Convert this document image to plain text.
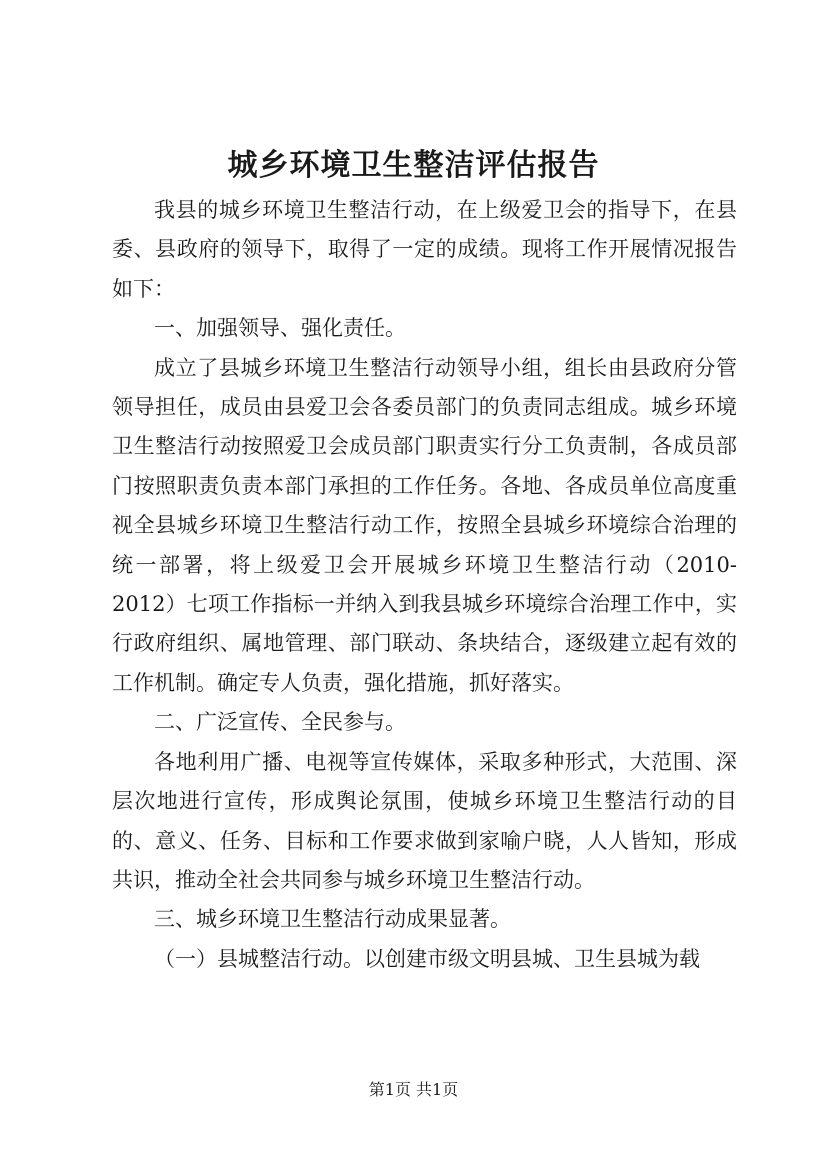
城乡环境卫生整洁评估报告

我县的城乡环境卫生整洁行动，在上级爱卫会的指导下，在县委、县政府的领导下，取得了一定的成绩。现将工作开展情况报告如下：

一、加强领导、强化责任。

成立了县城乡环境卫生整洁行动领导小组，组长由县政府分管领导担任，成员由县爱卫会各委员部门的负责同志组成。城乡环境卫生整洁行动按照爱卫会成员部门职责实行分工负责制，各成员部门按照职责负责本部门承担的工作任务。各地、各成员单位高度重视全县城乡环境卫生整洁行动工作，按照全县城乡环境综合治理的统一部署，将上级爱卫会开展城乡环境卫生整洁行动（2010-2012）七项工作指标一并纳入到我县城乡环境综合治理工作中，实行政府组织、属地管理、部门联动、条块结合，逐级建立起有效的工作机制。确定专人负责，强化措施，抓好落实。

二、广泛宣传、全民参与。

各地利用广播、电视等宣传媒体，采取多种形式，大范围、深层次地进行宣传，形成舆论氛围，使城乡环境卫生整洁行动的目的、意义、任务、目标和工作要求做到家喻户晓，人人皆知，形成共识，推动全社会共同参与城乡环境卫生整洁行动。

三、城乡环境卫生整洁行动成果显著。

（一）县城整洁行动。以创建市级文明县城、卫生县城为载

第1页 共1页
